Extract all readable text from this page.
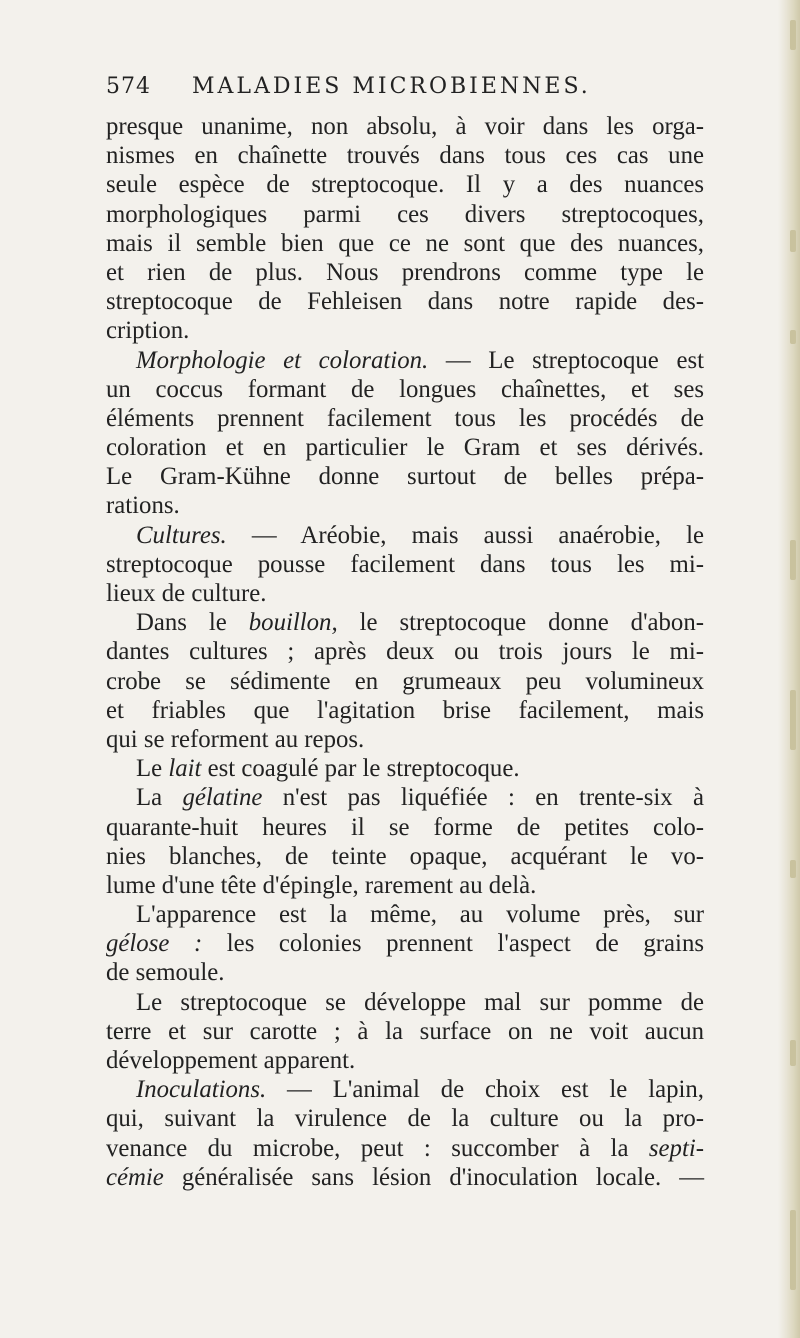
574 MALADIES MICROBIENNES.
presque unanime, non absolu, à voir dans les orga-
nismes en chaînette trouvés dans tous ces cas une
seule espèce de streptocoque. Il y a des nuances
morphologiques parmi ces divers streptocoques,
mais il semble bien que ce ne sont que des nuances,
et rien de plus. Nous prendrons comme type le
streptocoque de Fehleisen dans notre rapide des-
cription.
Morphologie et coloration. — Le streptocoque est
un coccus formant de longues chaînettes, et ses
éléments prennent facilement tous les procédés de
coloration et en particulier le Gram et ses dérivés.
Le Gram-Kühne donne surtout de belles prépa-
rations.
Cultures. — Aréobie, mais aussi anaérobie, le
streptocoque pousse facilement dans tous les mi-
lieux de culture.
Dans le bouillon, le streptocoque donne d'abon-
dantes cultures ; après deux ou trois jours le mi-
crobe se sédimente en grumeaux peu volumineux
et friables que l'agitation brise facilement, mais
qui se reforment au repos.
Le lait est coagulé par le streptocoque.
La gélatine n'est pas liquéfiée : en trente-six à
quarante-huit heures il se forme de petites colo-
nies blanches, de teinte opaque, acquérant le vo-
lume d'une tête d'épingle, rarement au delà.
L'apparence est la même, au volume près, sur
gélose : les colonies prennent l'aspect de grains
de semoule.
Le streptocoque se développe mal sur pomme de
terre et sur carotte ; à la surface on ne voit aucun
développement apparent.
Inoculations. — L'animal de choix est le lapin,
qui, suivant la virulence de la culture ou la pro-
venance du microbe, peut : succomber à la septi-
cémie généralisée sans lésion d'inoculation locale. —
